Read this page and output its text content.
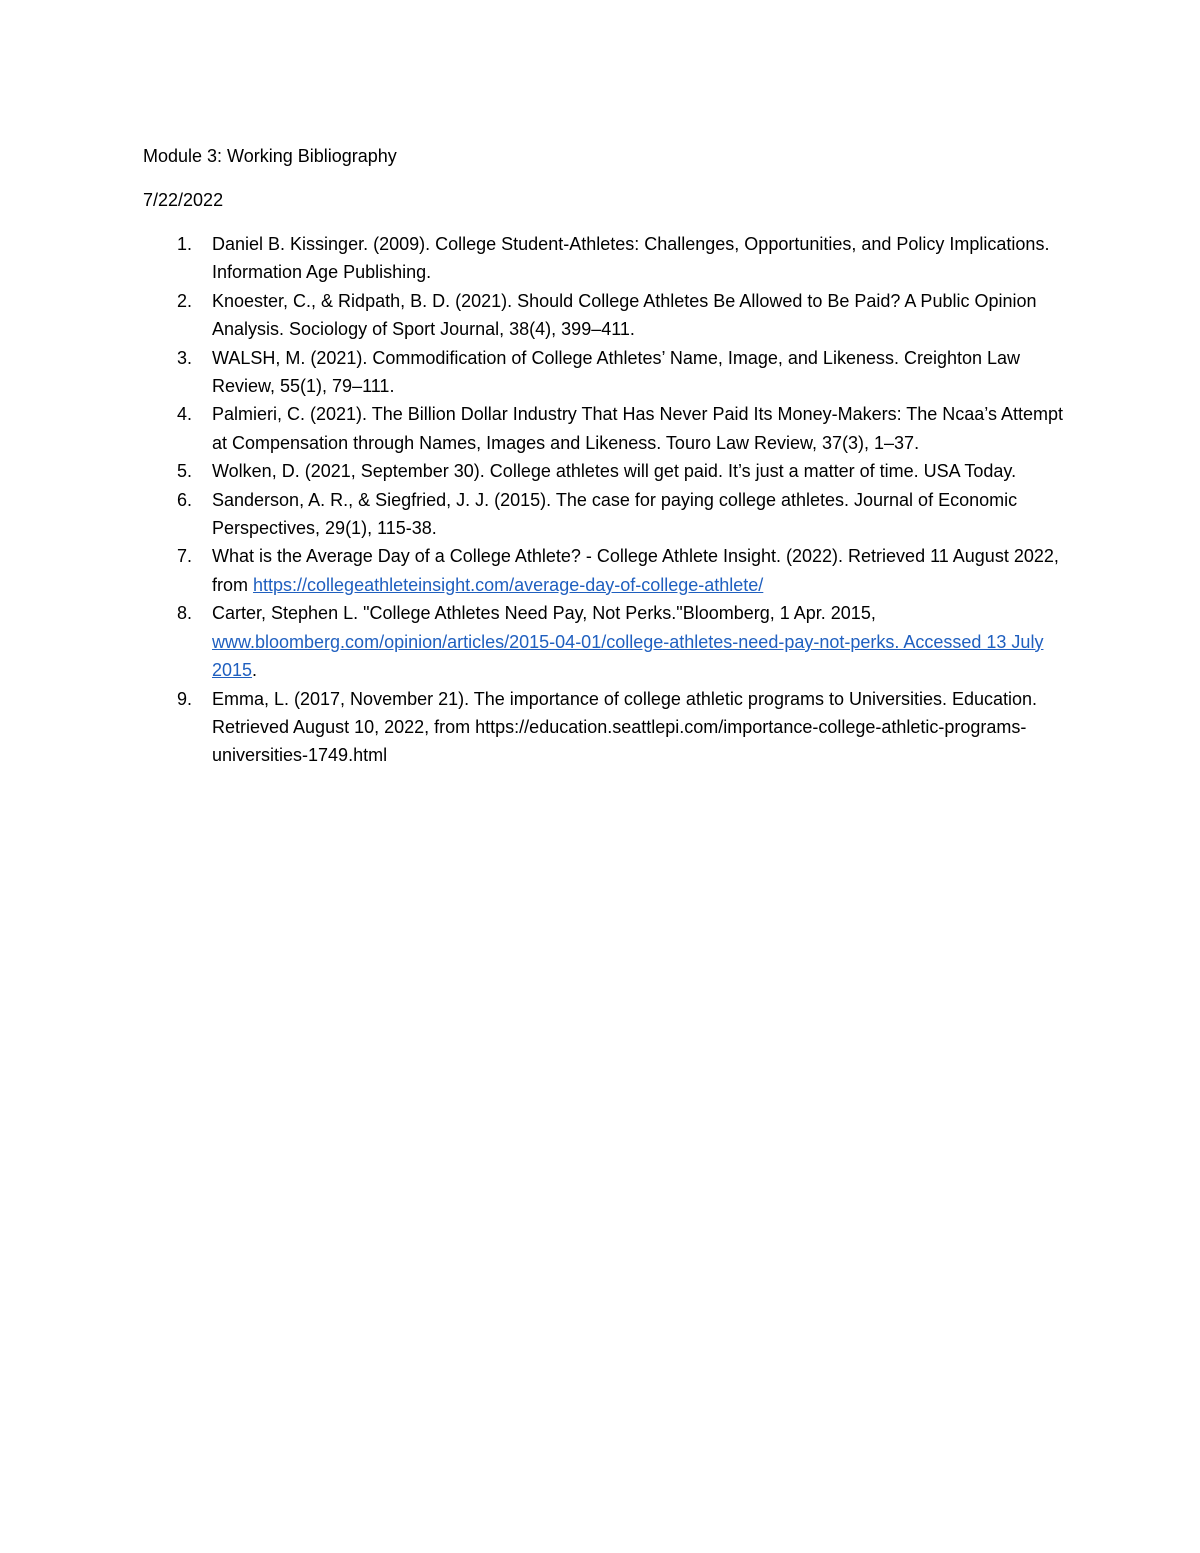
Module 3: Working Bibliography

7/22/2022

1. Daniel B. Kissinger. (2009). College Student-Athletes: Challenges, Opportunities, and Policy Implications. Information Age Publishing.
2. Knoester, C., & Ridpath, B. D. (2021). Should College Athletes Be Allowed to Be Paid? A Public Opinion Analysis. Sociology of Sport Journal, 38(4), 399–411.
3. WALSH, M. (2021). Commodification of College Athletes’ Name, Image, and Likeness. Creighton Law Review, 55(1), 79–111.
4. Palmieri, C. (2021). The Billion Dollar Industry That Has Never Paid Its Money-Makers: The Ncaa’s Attempt at Compensation through Names, Images and Likeness. Touro Law Review, 37(3), 1–37.
5. Wolken, D. (2021, September 30). College athletes will get paid. It’s just a matter of time. USA Today.
6. Sanderson, A. R., & Siegfried, J. J. (2015). The case for paying college athletes. Journal of Economic Perspectives, 29(1), 115-38.
7. What is the Average Day of a College Athlete? - College Athlete Insight. (2022). Retrieved 11 August 2022, from https://collegeathleteinsight.com/average-day-of-college-athlete/
8. Carter, Stephen L. "College Athletes Need Pay, Not Perks."Bloomberg, 1 Apr. 2015, www.bloomberg.com/opinion/articles/2015-04-01/college-athletes-need-pay-not-perks. Accessed 13 July 2015.
9. Emma, L. (2017, November 21). The importance of college athletic programs to Universities. Education. Retrieved August 10, 2022, from https://education.seattlepi.com/importance-college-athletic-programs-universities-1749.html
